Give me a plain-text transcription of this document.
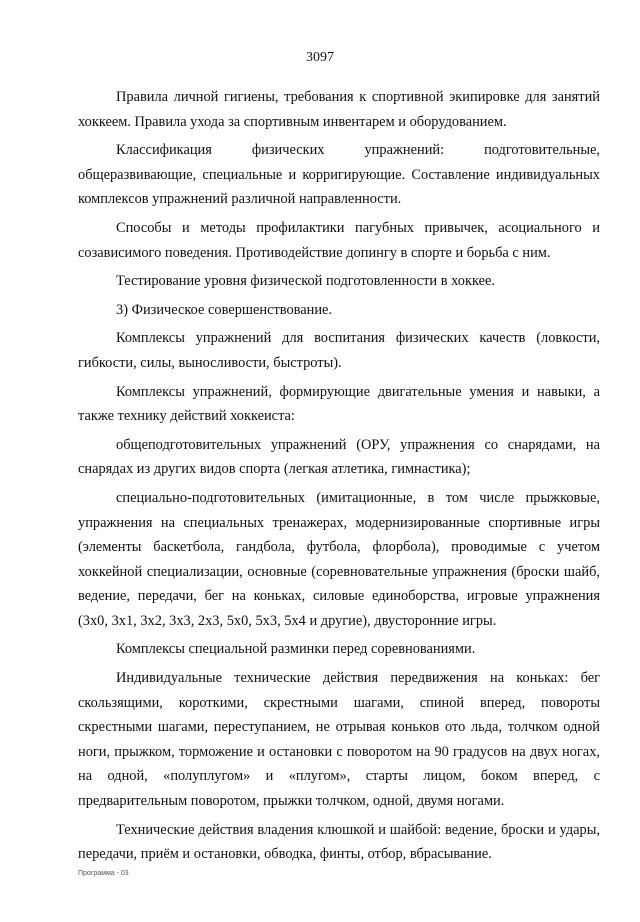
3097

Правила личной гигиены, требования к спортивной экипировке для занятий хоккеем. Правила ухода за спортивным инвентарем и оборудованием.

Классификация физических упражнений: подготовительные, общеразвивающие, специальные и корригирующие. Составление индивидуальных комплексов упражнений различной направленности.

Способы и методы профилактики пагубных привычек, асоциального и созависимого поведения. Противодействие допингу в спорте и борьба с ним.

Тестирование уровня физической подготовленности в хоккее.

3) Физическое совершенствование.

Комплексы упражнений для воспитания физических качеств (ловкости, гибкости, силы, выносливости, быстроты).

Комплексы упражнений, формирующие двигательные умения и навыки, а также технику действий хоккеиста:

общеподготовительных упражнений (ОРУ, упражнения со снарядами, на снарядах из других видов спорта (легкая атлетика, гимнастика);

специально-подготовительных (имитационные, в том числе прыжковые, упражнения на специальных тренажерах, модернизированные спортивные игры (элементы баскетбола, гандбола, футбола, флорбола), проводимые с учетом хоккейной специализации, основные (соревновательные упражнения (броски шайб, ведение, передачи, бег на коньках, силовые единоборства, игровые упражнения (3х0, 3х1, 3х2, 3х3, 2х3, 5х0, 5х3, 5х4 и другие), двусторонние игры.

Комплексы специальной разминки перед соревнованиями.

Индивидуальные технические действия передвижения на коньках: бег скользящими, короткими, скрестными шагами, спиной вперед, повороты скрестными шагами, переступанием, не отрывая коньков ото льда, толчком одной ноги, прыжком, торможение и остановки с поворотом на 90 градусов на двух ногах, на одной, «полуплугом» и «плугом», старты лицом, боком вперед, с предварительным поворотом, прыжки толчком, одной, двумя ногами.

Технические действия владения клюшкой и шайбой: ведение, броски и удары, передачи, приём и остановки, обводка, финты, отбор, вбрасывание.

Программа - 03
